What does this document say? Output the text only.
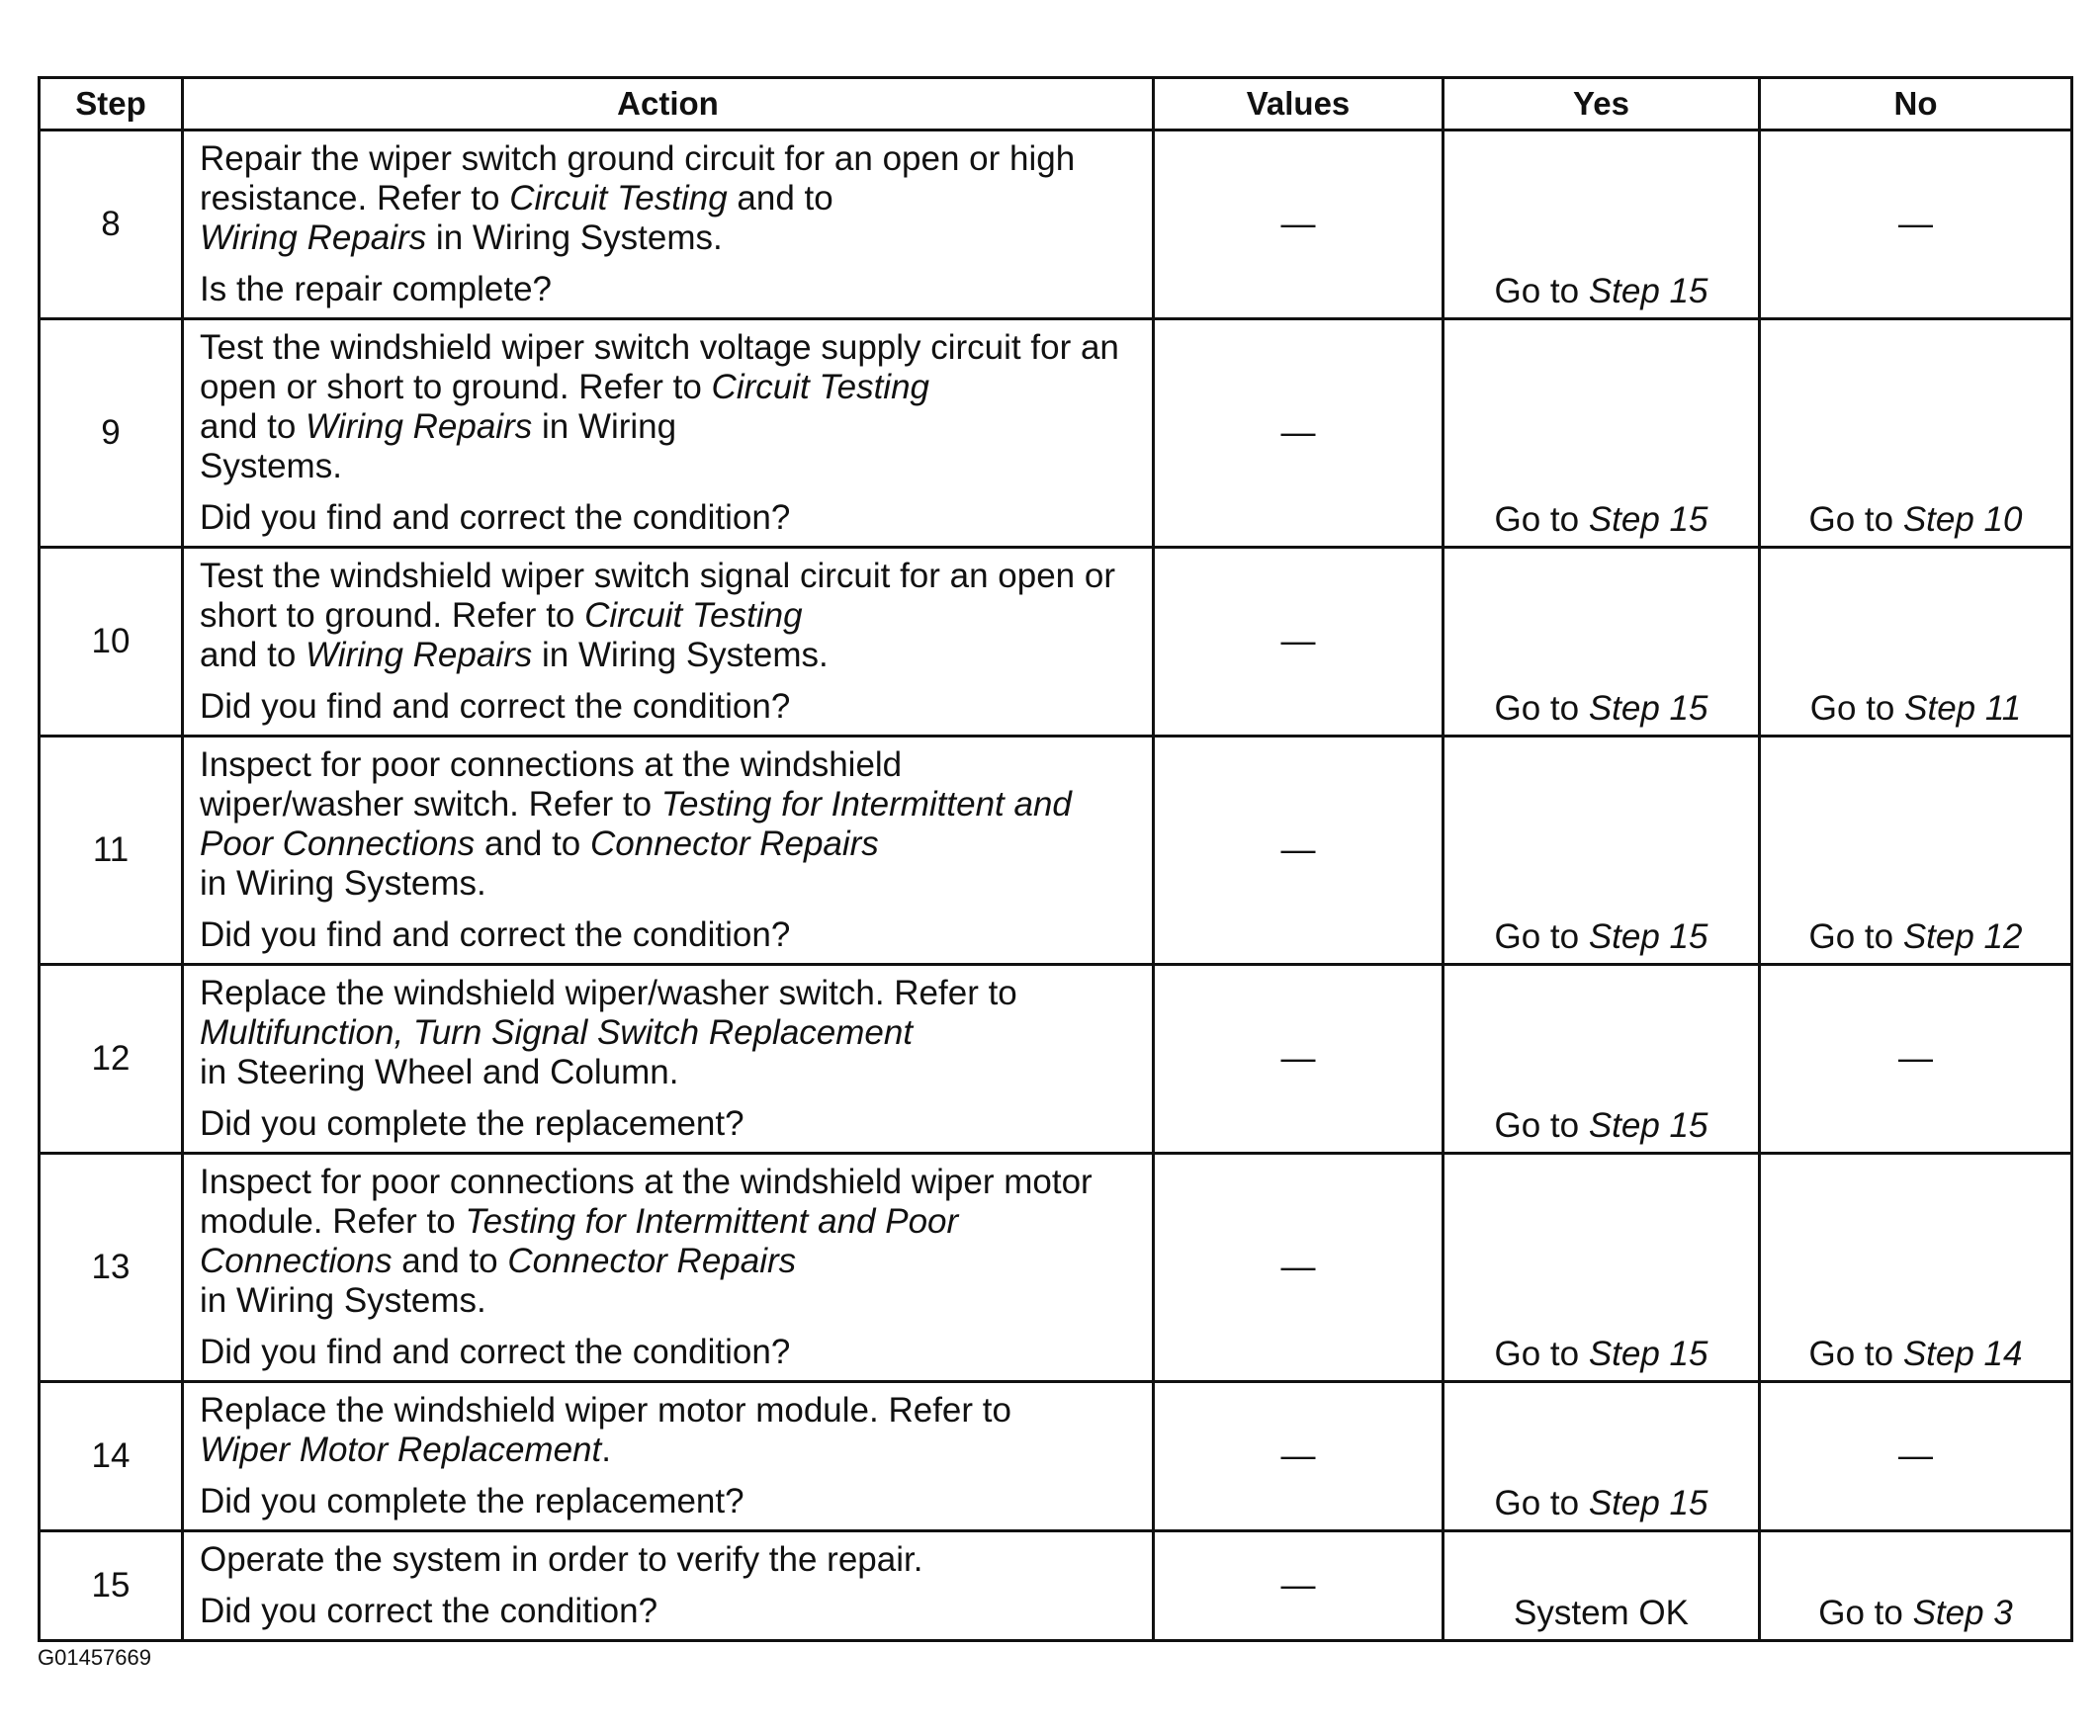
Step	Action	Values	Yes	No
8	Repair the wiper switch ground circuit for an open or high resistance. Refer to Circuit Testing and to
Wiring Repairs in Wiring Systems.
Is the repair complete?	—	Go to Step 15	—
9	Test the windshield wiper switch voltage supply circuit for an open or short to ground. Refer to Circuit Testing
and to Wiring Repairs in Wiring
Systems.
Did you find and correct the condition?	—	Go to Step 15	Go to Step 10
10	Test the windshield wiper switch signal circuit for an open or short to ground. Refer to Circuit Testing
and to Wiring Repairs in Wiring Systems.
Did you find and correct the condition?	—	Go to Step 15	Go to Step 11
11	Inspect for poor connections at the windshield
wiper/washer switch. Refer to Testing for Intermittent and Poor Connections and to Connector Repairs
in Wiring Systems.
Did you find and correct the condition?	—	Go to Step 15	Go to Step 12
12	Replace the windshield wiper/washer switch. Refer to
Multifunction, Turn Signal Switch Replacement
in Steering Wheel and Column.
Did you complete the replacement?	—	Go to Step 15	—
13	Inspect for poor connections at the windshield wiper motor module. Refer to Testing for Intermittent and Poor Connections and to Connector Repairs
in Wiring Systems.
Did you find and correct the condition?	—	Go to Step 15	Go to Step 14
14	Replace the windshield wiper motor module. Refer to
Wiper Motor Replacement.
Did you complete the replacement?	—	Go to Step 15	—
15	Operate the system in order to verify the repair.
Did you correct the condition?	—	System OK	Go to Step 3
G01457669
